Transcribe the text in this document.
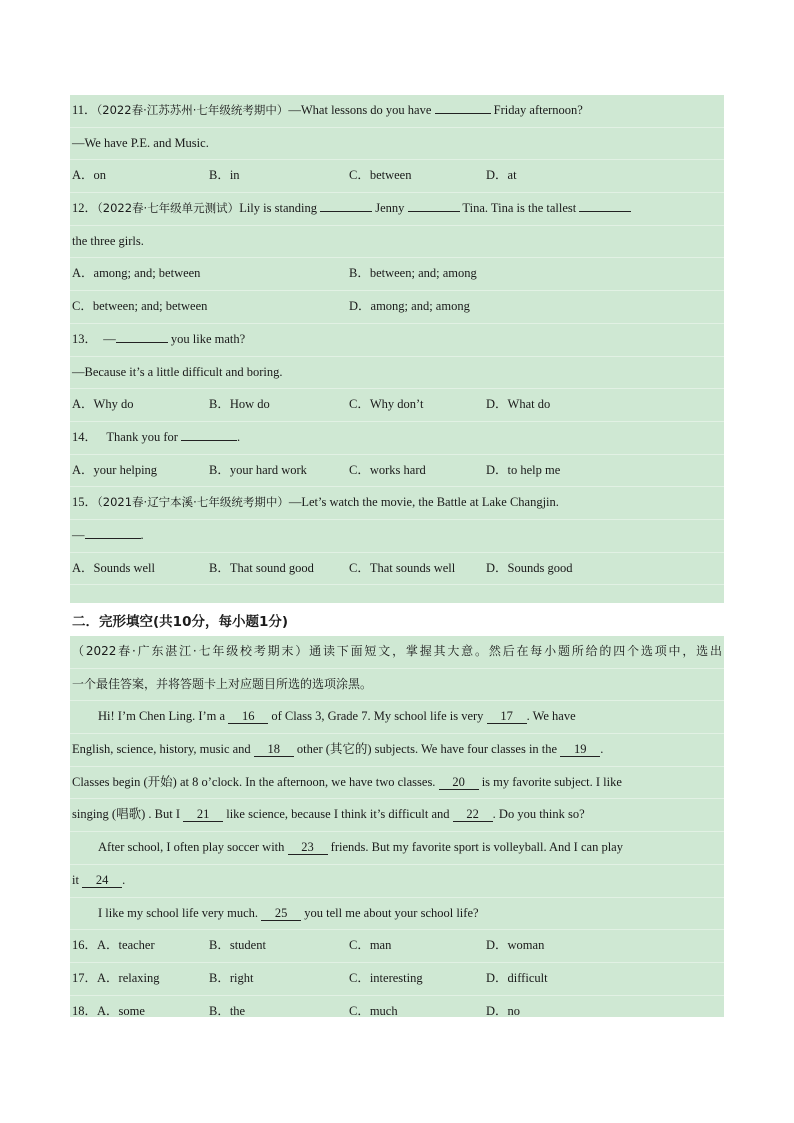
11．（2022春·江苏苏州·七年级统考期中）—What lessons do you have	Friday afternoon?
—We have P.E. and Music.
A．on	B．in	C．between	D．at
12．（2022春·七年级单元测试）Lily is standing	Jenny	Tina. Tina is the tallest
the three girls.
A．among; and; between	B．between; and; among
C．between; and; between	D．among; and; among
13． —	you like math?
—Because it’s a little difficult and boring.
A．Why do	B．How do	C．Why don’t	D．What do
14． Thank you for	.
A．your helping	B．your hard work	C．works hard	D．to help me
15．（2021春·辽宁本溪·七年级统考期中）—Let’s watch the movie, the Battle at Lake Changjin.
—	.
A．Sounds well	B．That sound good	C．That sounds well D．Sounds good
二．完形填空(共10分，每小题1分)
（2022春·广东湛江·七年级校考期末）通读下面短文，掌握其大意。然后在每小题所给的四个选项中，选出
一个最佳答案，并将答题卡上对应题目所选的选项涂黑。
Hi! I’m Chen Ling. I’m a 16 of Class 3, Grade 7. My school life is very 17 . We have
English, science, history, music and 18 other (其它的) subjects. We have four classes in the 19 .
Classes begin (开始) at 8 o’clock. In the afternoon, we have two classes. 20 is my favorite subject. I like
singing (唱歌) . But I 21 like science, because I think it’s difficult and 22 . Do you think so?
After school, I often play soccer with 23 friends. But my favorite sport is volleyball. And I can play
it 24 .
I like my school life very much. 25 you tell me about your school life?
16．A．teacher	B．student	C．man	D．woman
17．A．relaxing	B．right	C．interesting	D．difficult
18．A．some	B．the	C．much	D．no
